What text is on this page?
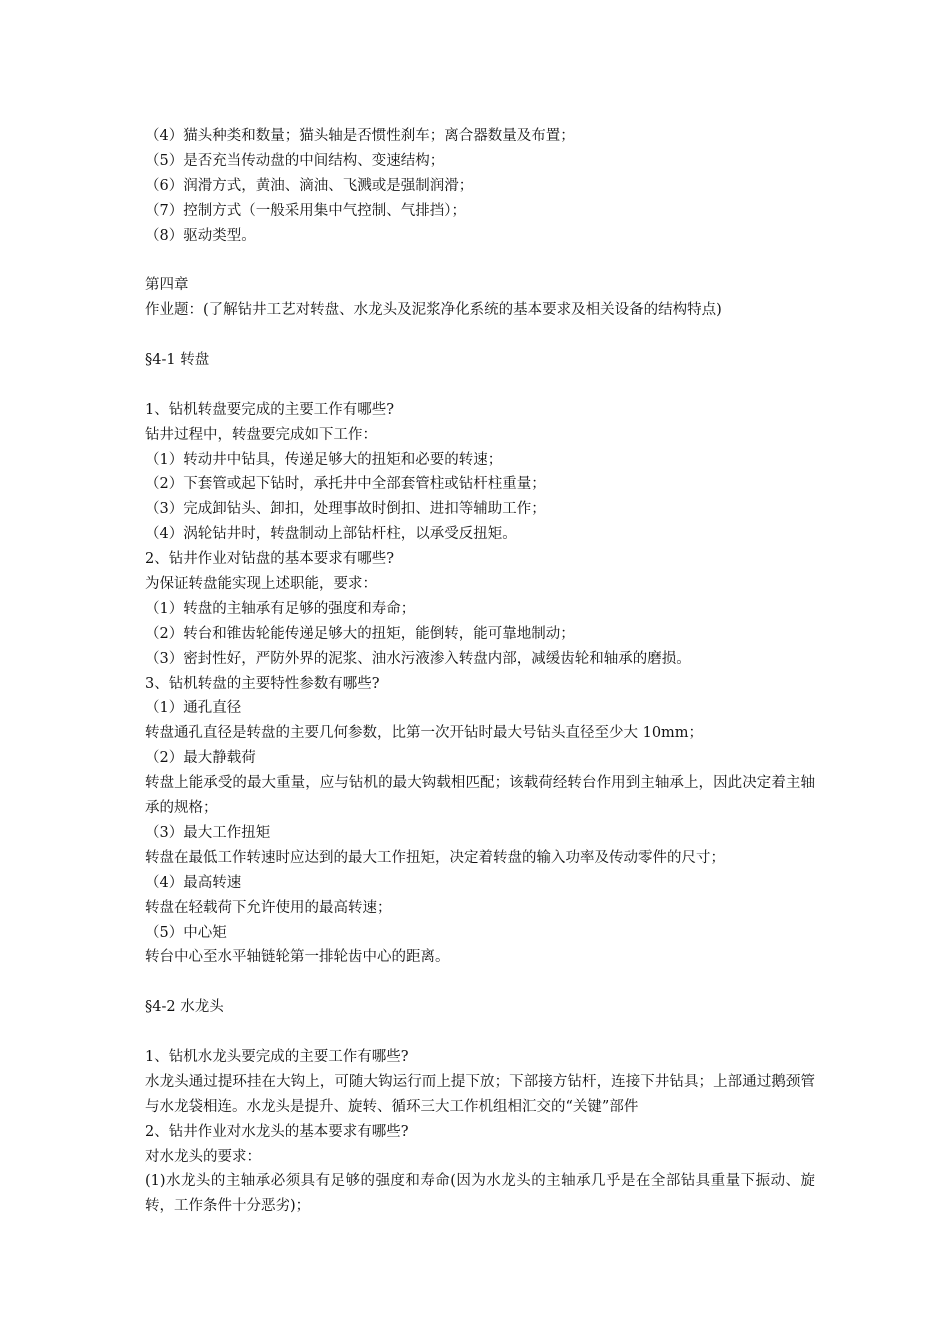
（4）猫头种类和数量；猫头轴是否惯性刹车；离合器数量及布置；
（5）是否充当传动盘的中间结构、变速结构；
（6）润滑方式，黄油、滴油、飞溅或是强制润滑；
（7）控制方式（一般采用集中气控制、气排挡）；
（8）驱动类型。
第四章
作业题：(了解钻井工艺对转盘、水龙头及泥浆净化系统的基本要求及相关设备的结构特点)
§4-1 转盘
1、钻机转盘要完成的主要工作有哪些?
钻井过程中，转盘要完成如下工作：
（1）转动井中钻具，传递足够大的扭矩和必要的转速；
（2）下套管或起下钻时，承托井中全部套管柱或钻杆柱重量；
（3）完成卸钻头、卸扣，处理事故时倒扣、进扣等辅助工作；
（4）涡轮钻井时，转盘制动上部钻杆柱，以承受反扭矩。
2、钻井作业对钻盘的基本要求有哪些?
为保证转盘能实现上述职能，要求：
（1）转盘的主轴承有足够的强度和寿命；
（2）转台和锥齿轮能传递足够大的扭矩，能倒转，能可靠地制动；
（3）密封性好，严防外界的泥浆、油水污液渗入转盘内部，减缓齿轮和轴承的磨损。
3、钻机转盘的主要特性参数有哪些?
（1）通孔直径
转盘通孔直径是转盘的主要几何参数，比第一次开钻时最大号钻头直径至少大 10mm；
（2）最大静载荷
转盘上能承受的最大重量，应与钻机的最大钩载相匹配；该载荷经转台作用到主轴承上，因此决定着主轴承的规格；
（3）最大工作扭矩
转盘在最低工作转速时应达到的最大工作扭矩，决定着转盘的输入功率及传动零件的尺寸；
（4）最高转速
转盘在轻载荷下允许使用的最高转速；
（5）中心矩
转台中心至水平轴链轮第一排轮齿中心的距离。
§4-2 水龙头
1、钻机水龙头要完成的主要工作有哪些?
水龙头通过提环挂在大钩上，可随大钩运行而上提下放；下部接方钻杆，连接下井钻具；上部通过鹅颈管与水龙袋相连。水龙头是提升、旋转、循环三大工作机组相汇交的“关键”部件
2、钻井作业对水龙头的基本要求有哪些?
对水龙头的要求：
(1)水龙头的主轴承必须具有足够的强度和寿命(因为水龙头的主轴承几乎是在全部钻具重量下振动、旋转，工作条件十分恶劣)；
